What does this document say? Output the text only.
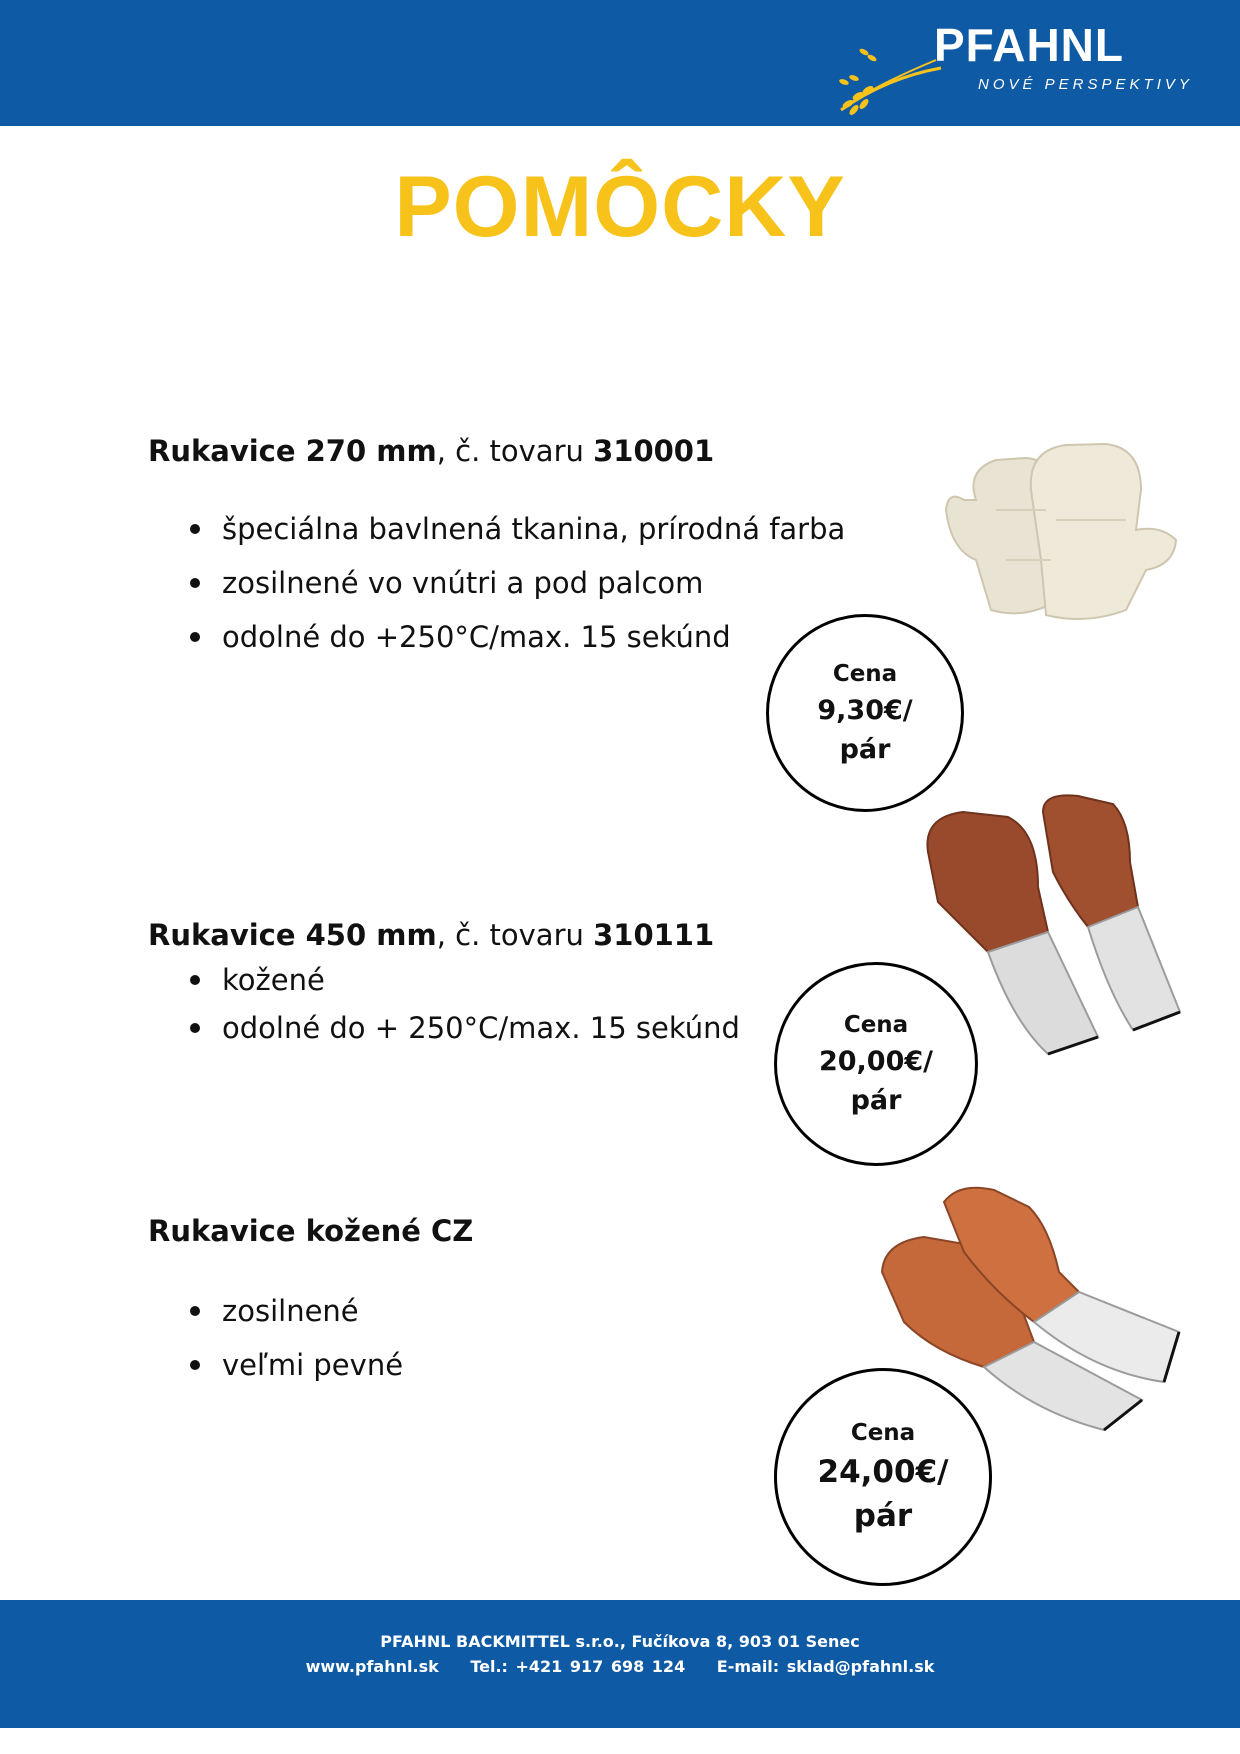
PFAHNL
NOVÉ PERSPEKTIVY
POMÔCKY
Rukavice 270 mm, č. tovaru 310001
špeciálna bavlnená tkanina, prírodná farba
zosilnené vo vnútri a pod palcom
odolné do +250°C/max. 15 sekúnd
Cena
9,30€/
pár
Rukavice 450 mm, č. tovaru 310111
kožené
odolné do + 250°C/max. 15 sekúnd	Cena
20,00€/
pár
Rukavice kožené CZ
zosilnené
veľmi pevné
Cena
24,00€/
pár
PFAHNL BACKMITTEL s.r.o., Fučíkova 8, 903 01 Senec
www.pfahnl.sk Tel.: +421 917 698 124 E-mail: sklad@pfahnl.sk
